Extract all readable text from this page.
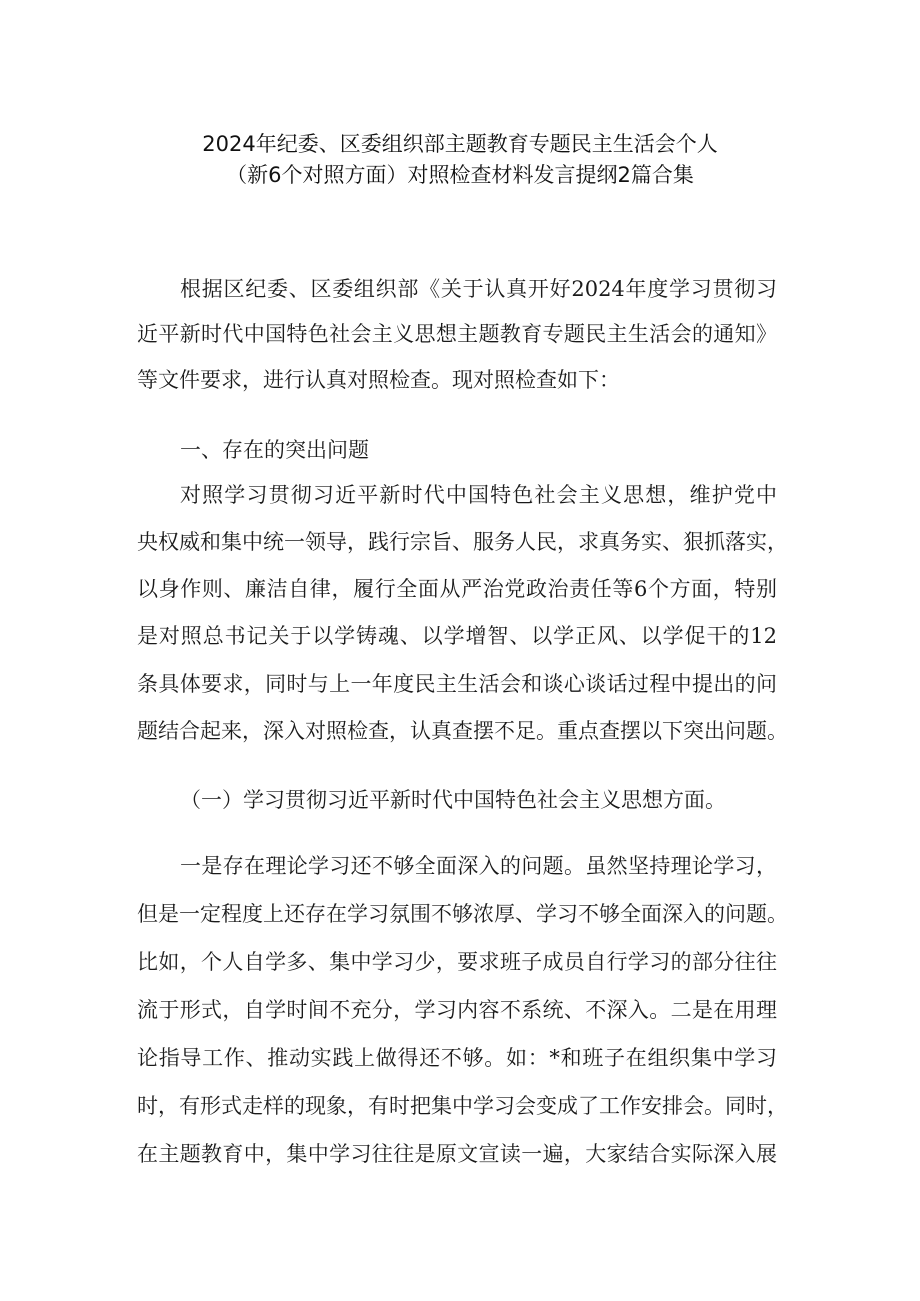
2024年纪委、区委组织部主题教育专题民主生活会个人
（新6个对照方面）对照检查材料发言提纲2篇合集

根据区纪委、区委组织部《关于认真开好2024年度学习贯彻习

近平新时代中国特色社会主义思想主题教育专题民主生活会的通知》

等文件要求，进行认真对照检查。现对照检查如下：

一、存在的突出问题

对照学习贯彻习近平新时代中国特色社会主义思想，维护党中

央权威和集中统一领导，践行宗旨、服务人民，求真务实、狠抓落实，

以身作则、廉洁自律，履行全面从严治党政治责任等6个方面，特别

是对照总书记关于以学铸魂、以学增智、以学正风、以学促干的12

条具体要求，同时与上一年度民主生活会和谈心谈话过程中提出的问

题结合起来，深入对照检查，认真查摆不足。重点查摆以下突出问题。

（一）学习贯彻习近平新时代中国特色社会主义思想方面。

一是存在理论学习还不够全面深入的问题。虽然坚持理论学习，

但是一定程度上还存在学习氛围不够浓厚、学习不够全面深入的问题。

比如，个人自学多、集中学习少，要求班子成员自行学习的部分往往

流于形式，自学时间不充分，学习内容不系统、不深入。二是在用理

论指导工作、推动实践上做得还不够。如：*和班子在组织集中学习

时，有形式走样的现象，有时把集中学习会变成了工作安排会。同时，

在主题教育中，集中学习往往是原文宣读一遍，大家结合实际深入展
